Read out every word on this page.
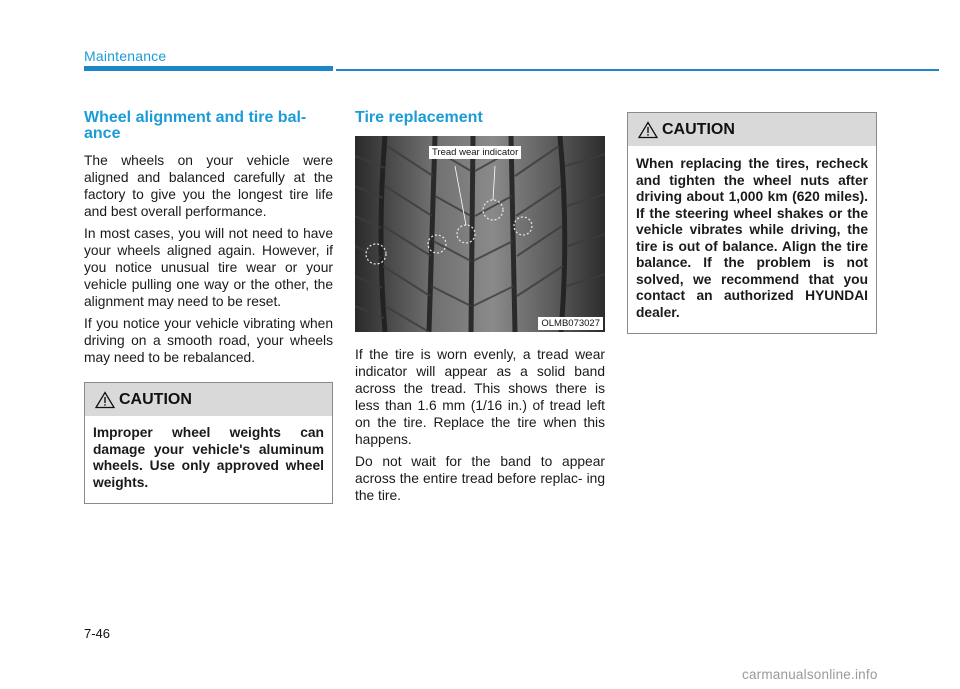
Maintenance
Wheel alignment and tire bal- ance

The wheels on your vehicle were aligned and balanced carefully at the factory to give you the longest tire life and best overall performance.

In most cases, you will not need to have your wheels aligned again. However, if you notice unusual tire wear or your vehicle pulling one way or the other, the alignment may need to be reset.

If you notice your vehicle vibrating when driving on a smooth road, your wheels may need to be rebalanced.

CAUTION
Improper wheel weights can damage your vehicle's aluminum wheels. Use only approved wheel weights.
Tire replacement
Tread wear indicator
OLMB073027

If the tire is worn evenly, a tread wear indicator will appear as a solid band across the tread. This shows there is less than 1.6 mm (1/16 in.) of tread left on the tire. Replace the tire when this happens.

Do not wait for the band to appear across the entire tread before replac- ing the tire.

CAUTION
When replacing the tires, recheck and tighten the wheel nuts after driving about 1,000 km (620 miles). If the steering wheel shakes or the vehicle vibrates while driving, the tire is out of balance. Align the tire balance. If the problem is not solved, we recommend that you contact an authorized HYUNDAI dealer.
7-46
carmanualsonline.info
